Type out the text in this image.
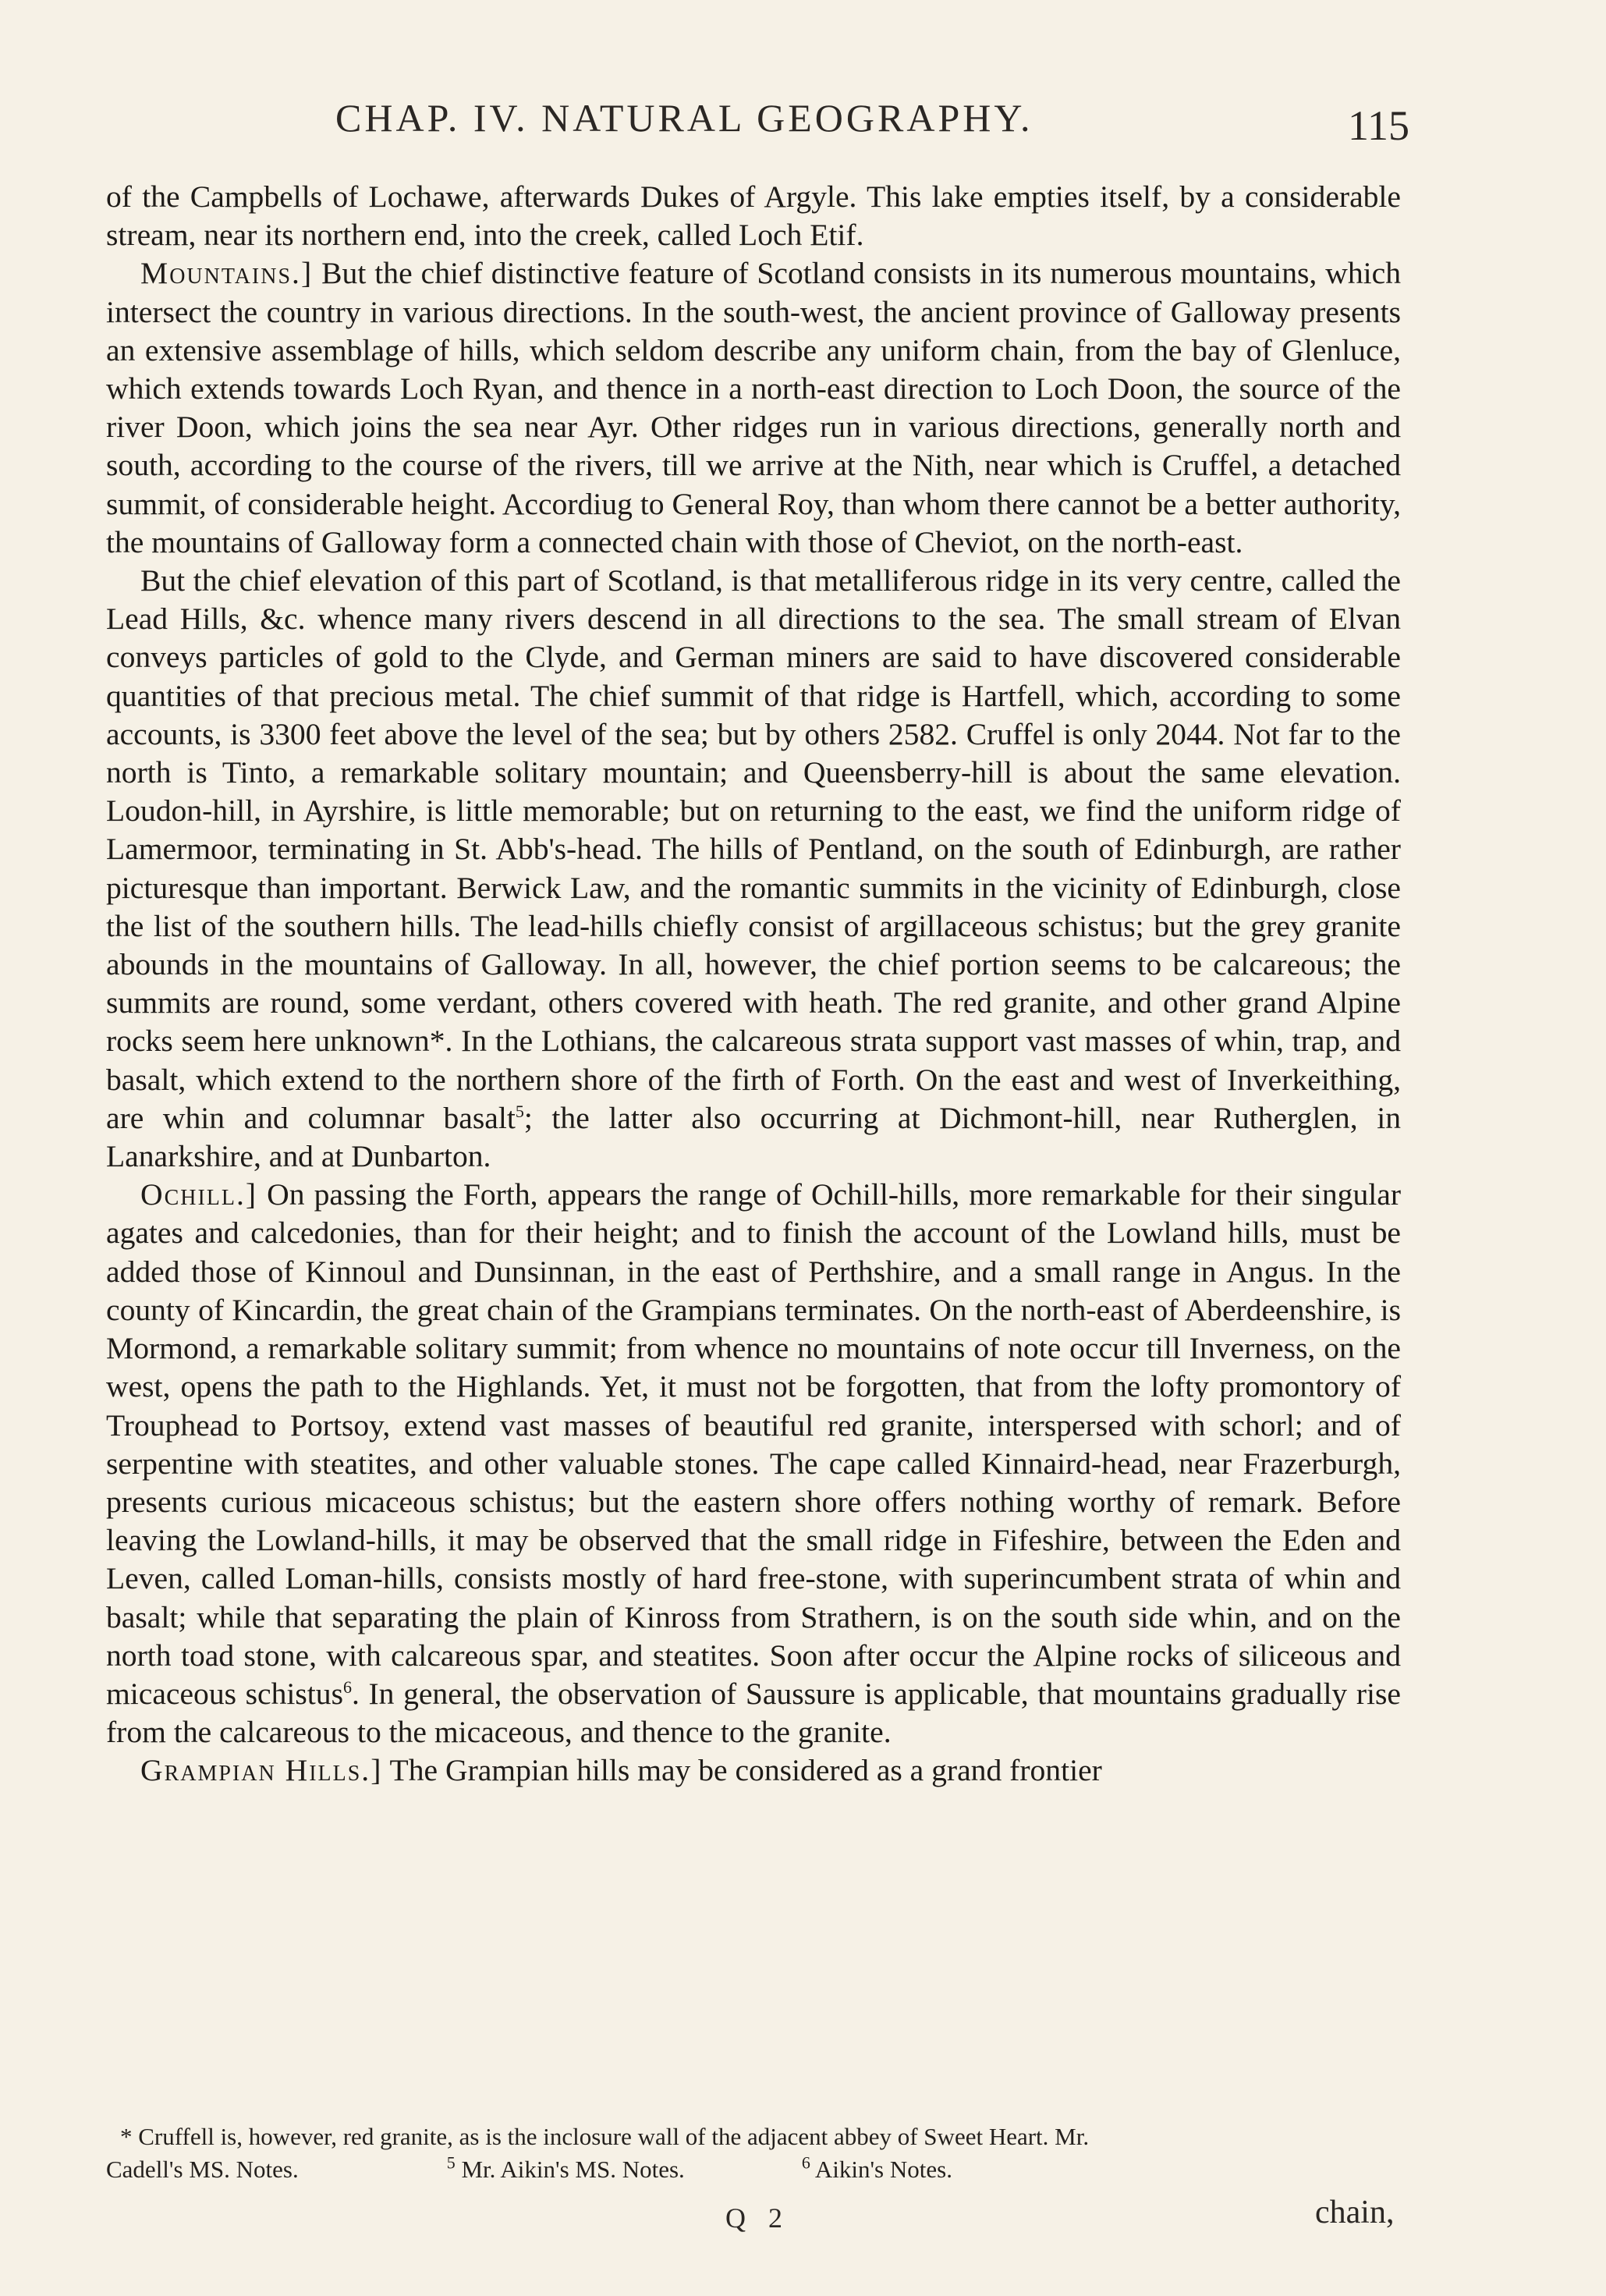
CHAP. IV. NATURAL GEOGRAPHY.	115

of the Campbells of Lochawe, afterwards Dukes of Argyle. This lake empties itself, by a considerable stream, near its northern end, into the creek, called Loch Etif.

Mountains.] But the chief distinctive feature of Scotland consists in its numerous mountains, which intersect the country in various directions. In the south-west, the ancient province of Galloway presents an extensive assemblage of hills, which seldom describe any uniform chain, from the bay of Glenluce, which extends towards Loch Ryan, and thence in a north-east direction to Loch Doon, the source of the river Doon, which joins the sea near Ayr. Other ridges run in various directions, generally north and south, according to the course of the rivers, till we arrive at the Nith, near which is Cruffel, a detached summit, of considerable height. Accordiug to General Roy, than whom there cannot be a better authority, the mountains of Galloway form a connected chain with those of Cheviot, on the north-east.

But the chief elevation of this part of Scotland, is that metalliferous ridge in its very centre, called the Lead Hills, &c. whence many rivers descend in all directions to the sea. The small stream of Elvan conveys particles of gold to the Clyde, and German miners are said to have discovered considerable quantities of that precious metal. The chief summit of that ridge is Hartfell, which, according to some accounts, is 3300 feet above the level of the sea; but by others 2582. Cruffel is only 2044. Not far to the north is Tinto, a remarkable solitary mountain; and Queensberry-hill is about the same elevation. Loudon-hill, in Ayrshire, is little memorable; but on returning to the east, we find the uniform ridge of Lamermoor, terminating in St. Abb's-head. The hills of Pentland, on the south of Edinburgh, are rather picturesque than important. Berwick Law, and the romantic summits in the vicinity of Edinburgh, close the list of the southern hills. The lead-hills chiefly consist of argillaceous schistus; but the grey granite abounds in the mountains of Galloway. In all, however, the chief portion seems to be calcareous; the summits are round, some verdant, others covered with heath. The red granite, and other grand Alpine rocks seem here unknown*. In the Lothians, the calcareous strata support vast masses of whin, trap, and basalt, which extend to the northern shore of the firth of Forth. On the east and west of Inverkeithing, are whin and columnar basalt$^5$; the latter also occurring at Dichmont-hill, near Rutherglen, in Lanarkshire, and at Dunbarton.

Ochill.] On passing the Forth, appears the range of Ochill-hills, more remarkable for their singular agates and calcedonies, than for their height; and to finish the account of the Lowland hills, must be added those of Kinnoul and Dunsinnan, in the east of Perthshire, and a small range in Angus. In the county of Kincardin, the great chain of the Grampians terminates. On the north-east of Aberdeenshire, is Mormond, a remarkable solitary summit; from whence no mountains of note occur till Inverness, on the west, opens the path to the Highlands. Yet, it must not be forgotten, that from the lofty promontory of Trouphead to Portsoy, extend vast masses of beautiful red granite, interspersed with schorl; and of serpentine with steatites, and other valuable stones. The cape called Kinnaird-head, near Frazerburgh, presents curious micaceous schistus; but the eastern shore offers nothing worthy of remark. Before leaving the Lowland-hills, it may be observed that the small ridge in Fifeshire, between the Eden and Leven, called Loman-hills, consists mostly of hard free-stone, with superincumbent strata of whin and basalt; while that separating the plain of Kinross from Strathern, is on the south side whin, and on the north toad stone, with calcareous spar, and steatites. Soon after occur the Alpine rocks of siliceous and micaceous schistus$^6$. In general, the observation of Saussure is applicable, that mountains gradually rise from the calcareous to the micaceous, and thence to the granite.

Grampian Hills.] The Grampian hills may be considered as a grand frontier

* Cruffell is, however, red granite, as is the inclosure wall of the adjacent abbey of Sweet Heart. Mr.

Cadell's MS. Notes.	$^5$ Mr. Aikin's MS. Notes.	$^6$ Aikin's Notes.

Q 2	chain,
